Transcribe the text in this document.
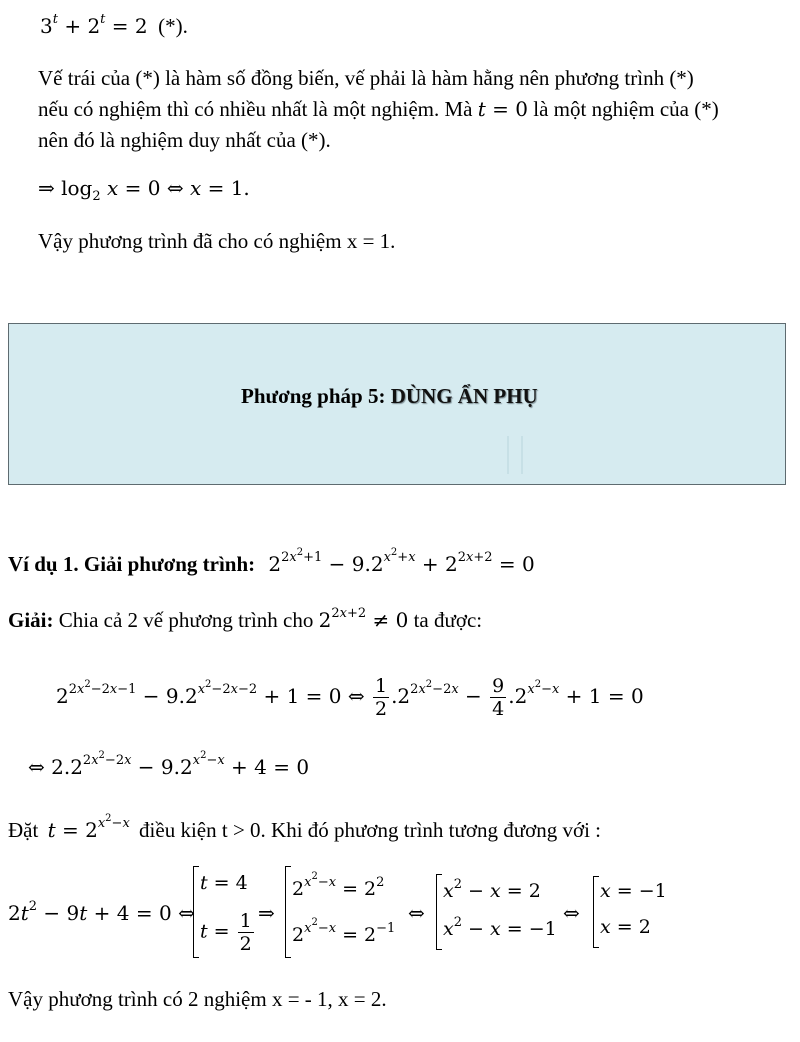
$3^t + 2^t = 2$ (*).
Vế trái của (*) là hàm số đồng biến, vế phải là hàm hằng nên phương trình (*)
nếu có nghiệm thì có nhiều nhất là một nghiệm. Mà t = 0 là một nghiệm của (*)
nên đó là nghiệm duy nhất của (*).
⇒ $\log_2 x = 0$ ⇔ x = 1.
Vậy phương trình đã cho có nghiệm x = 1.
Phương pháp 5: DÙNG ẨN PHỤ
Ví dụ 1. Giải phương trình: $2^{2x^2+1} - 9.2^{x^2+x} + 2^{2x+2} = 0$
Giải: Chia cả 2 vế phương trình cho $2^{2x+2} \ne 0$ ta được:
$2^{2x^2-2x-1} - 9.2^{x^2-2x-2} + 1 = 0$ ⇔ $\frac{1}{2} .2^{2x^2-2x} - \frac{9}{4} .2^{x^2-x} + 1 = 0$
⇔ $2.2^{2x^2-2x} - 9.2^{x^2-x} + 4 = 0$
Đặt $t = 2^{x^2-x}$ điều kiện t > 0. Khi đó phương trình tương đương với :
$2t^2 - 9t + 4 = 0$ ⇔
t = 4
$t = \frac{1}{2}$ ⇒
$2^{x^2-x} = 2^2$
$2^{x^2-x} = 2^{-1}$
⇔
$x^2 - x = 2$
$x^2 - x = -1$
⇔
x = −1
x = 2
Vậy phương trình có 2 nghiệm x = - 1, x = 2.
